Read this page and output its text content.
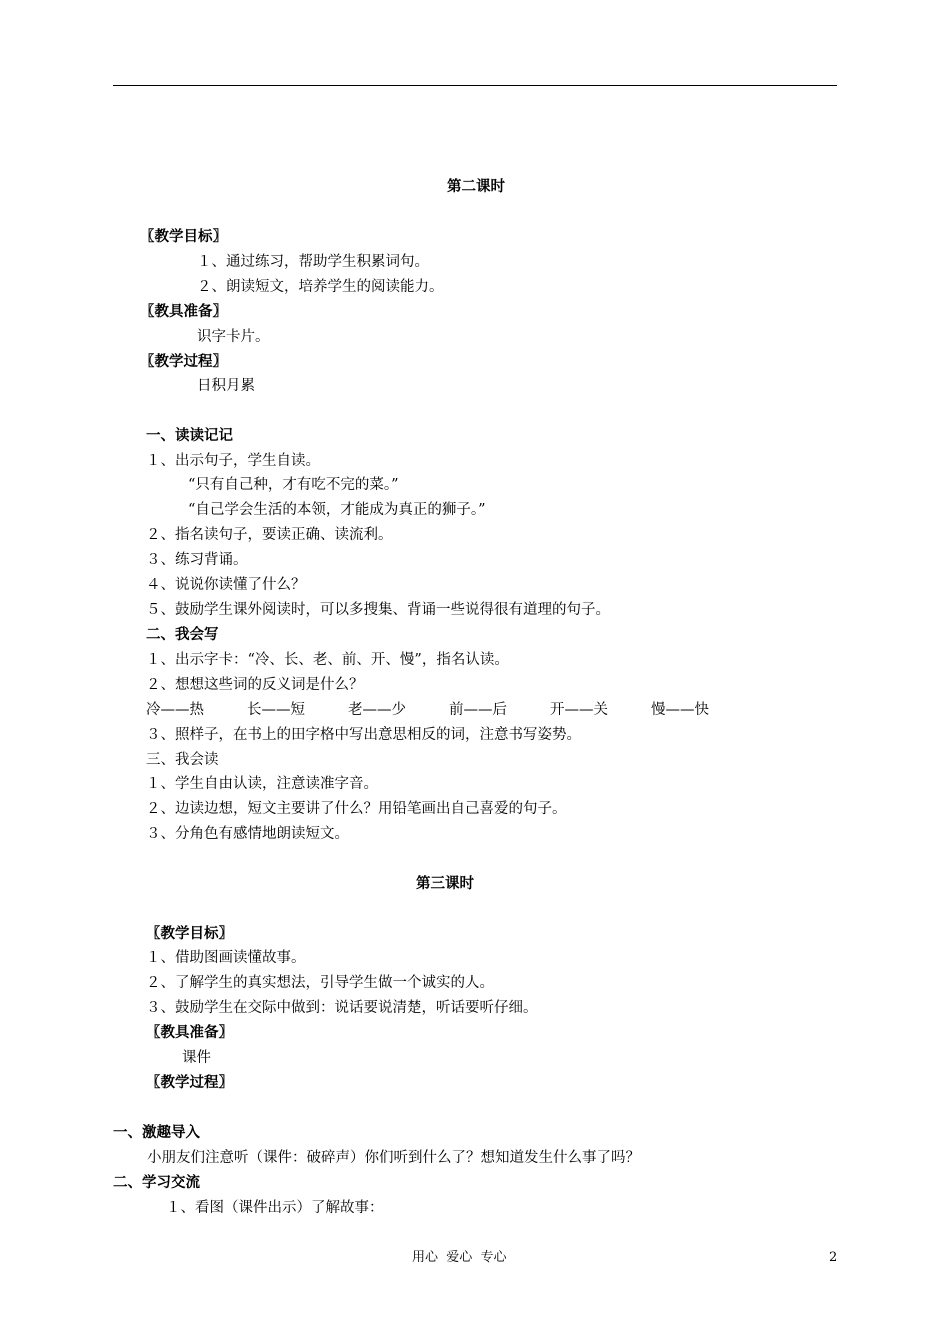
第二课时
〖教学目标〗
１、通过练习，帮助学生积累词句。
２、朗读短文，培养学生的阅读能力。
〖教具准备〗
识字卡片。
〖教学过程〗
日积月累
一、读读记记
１、出示句子，学生自读。
“只有自己种，才有吃不完的菜。”
“自己学会生活的本领，才能成为真正的狮子。”
２、指名读句子，要读正确、读流利。
３、练习背诵。
４、说说你读懂了什么？
５、鼓励学生课外阅读时，可以多搜集、背诵一些说得很有道理的句子。
二、我会写
１、出示字卡：“冷、长、老、前、开、慢”，指名认读。
２、想想这些词的反义词是什么？
冷——热	长——短	老——少	前——后	开——关	慢——快
３、照样子，在书上的田字格中写出意思相反的词，注意书写姿势。
三、我会读
１、学生自由认读，注意读准字音。
２、边读边想，短文主要讲了什么？用铅笔画出自己喜爱的句子。
３、分角色有感情地朗读短文。
第三课时
〖教学目标〗
１、借助图画读懂故事。
２、了解学生的真实想法，引导学生做一个诚实的人。
３、鼓励学生在交际中做到：说话要说清楚，听话要听仔细。
〖教具准备〗
课件
〖教学过程〗
一、激趣导入
小朋友们注意听（课件：破碎声）你们听到什么了？想知道发生什么事了吗？
二、学习交流
１、看图（课件出示）了解故事：
用心  爱心  专心	2
